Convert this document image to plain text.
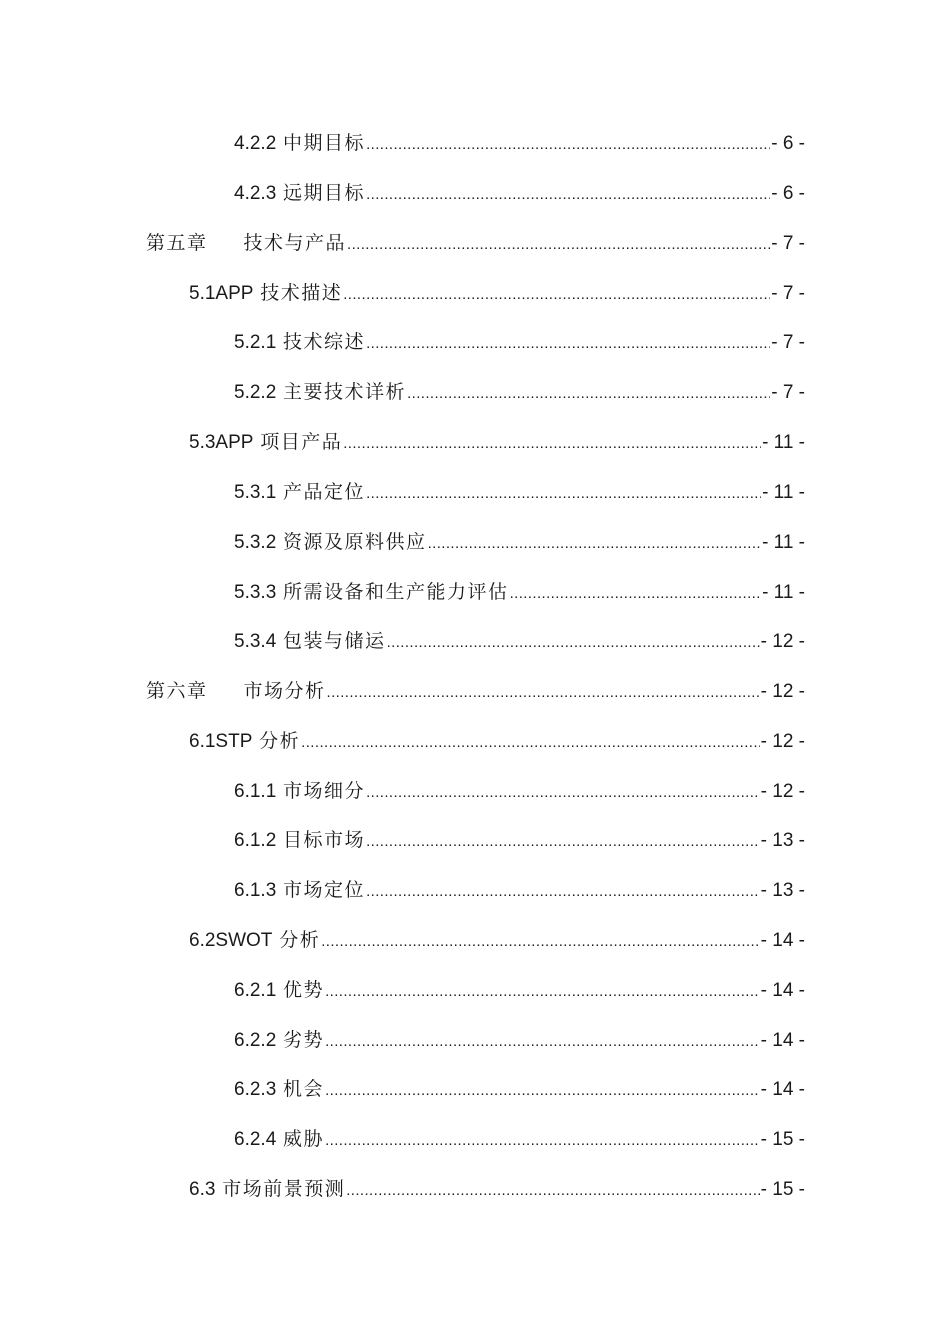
4.2.2 中期目标 .....	- 6 -
4.2.3 远期目标 .....	- 6 -
第五章 技术与产品 .....	- 7 -
5.1APP 技术描述 .....	- 7 -
5.2.1 技术综述 .....	- 7 -
5.2.2 主要技术详析 .....	- 7 -
5.3APP 项目产品 .....	- 11 -
5.3.1 产品定位 .....	- 11 -
5.3.2 资源及原料供应 .....	- 11 -
5.3.3 所需设备和生产能力评估 .....	- 11 -
5.3.4 包装与储运 .....	- 12 -
第六章 市场分析 .....	- 12 -
6.1STP 分析 .....	- 12 -
6.1.1 市场细分 .....	- 12 -
6.1.2 目标市场 .....	- 13 -
6.1.3 市场定位 .....	- 13 -
6.2SWOT 分析 .....	- 14 -
6.2.1 优势 .....	- 14 -
6.2.2 劣势 .....	- 14 -
6.2.3 机会 .....	- 14 -
6.2.4 威胁 .....	- 15 -
6.3 市场前景预测 .....	- 15 -
